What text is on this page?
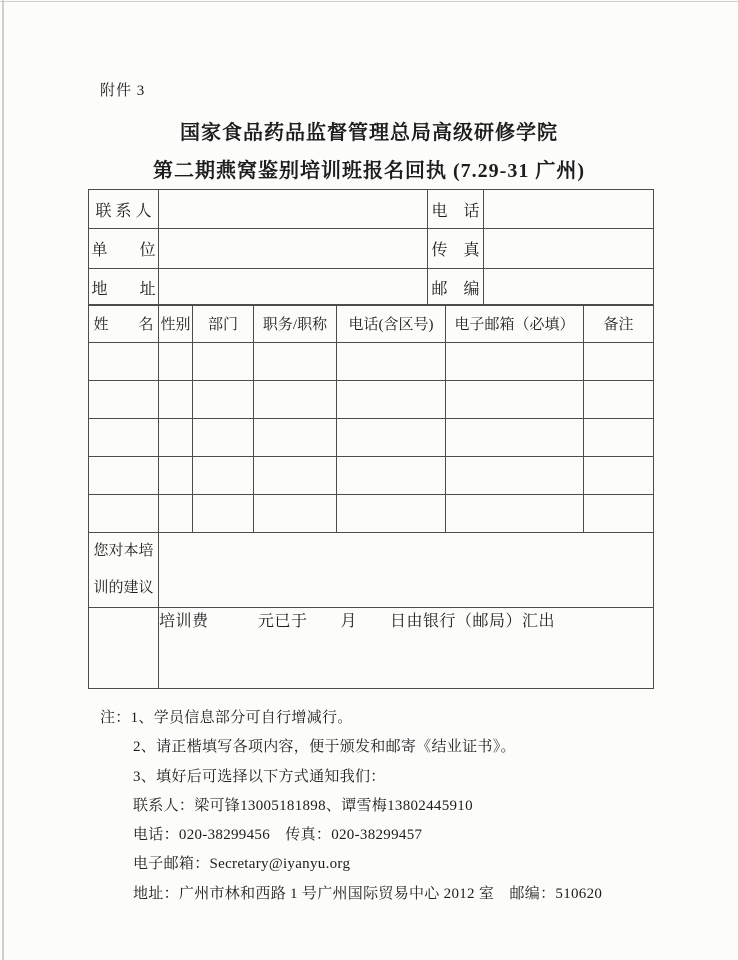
附件 3
国家食品药品监督管理总局高级研修学院
第二期燕窝鉴别培训班报名回执 (7.29-31 广州)
联 系 人		电　话	
单　　位		传　真	
地　　址		邮　编	
姓　　名	性别	部门	职务/职称	电话(含区号)	电子邮箱（必填）	备注

您对本培训的建议	
	培训费　　　元已于　　月　　日由银行（邮局）汇出
注：1、学员信息部分可自行增减行。
2、请正楷填写各项内容，便于颁发和邮寄《结业证书》。
3、填好后可选择以下方式通知我们：
联系人：梁可锋13005181898、谭雪梅13802445910
电话：020-38299456　传真：020-38299457
电子邮箱：Secretary@iyanyu.org
地址：广州市林和西路 1 号广州国际贸易中心 2012 室　邮编：510620
